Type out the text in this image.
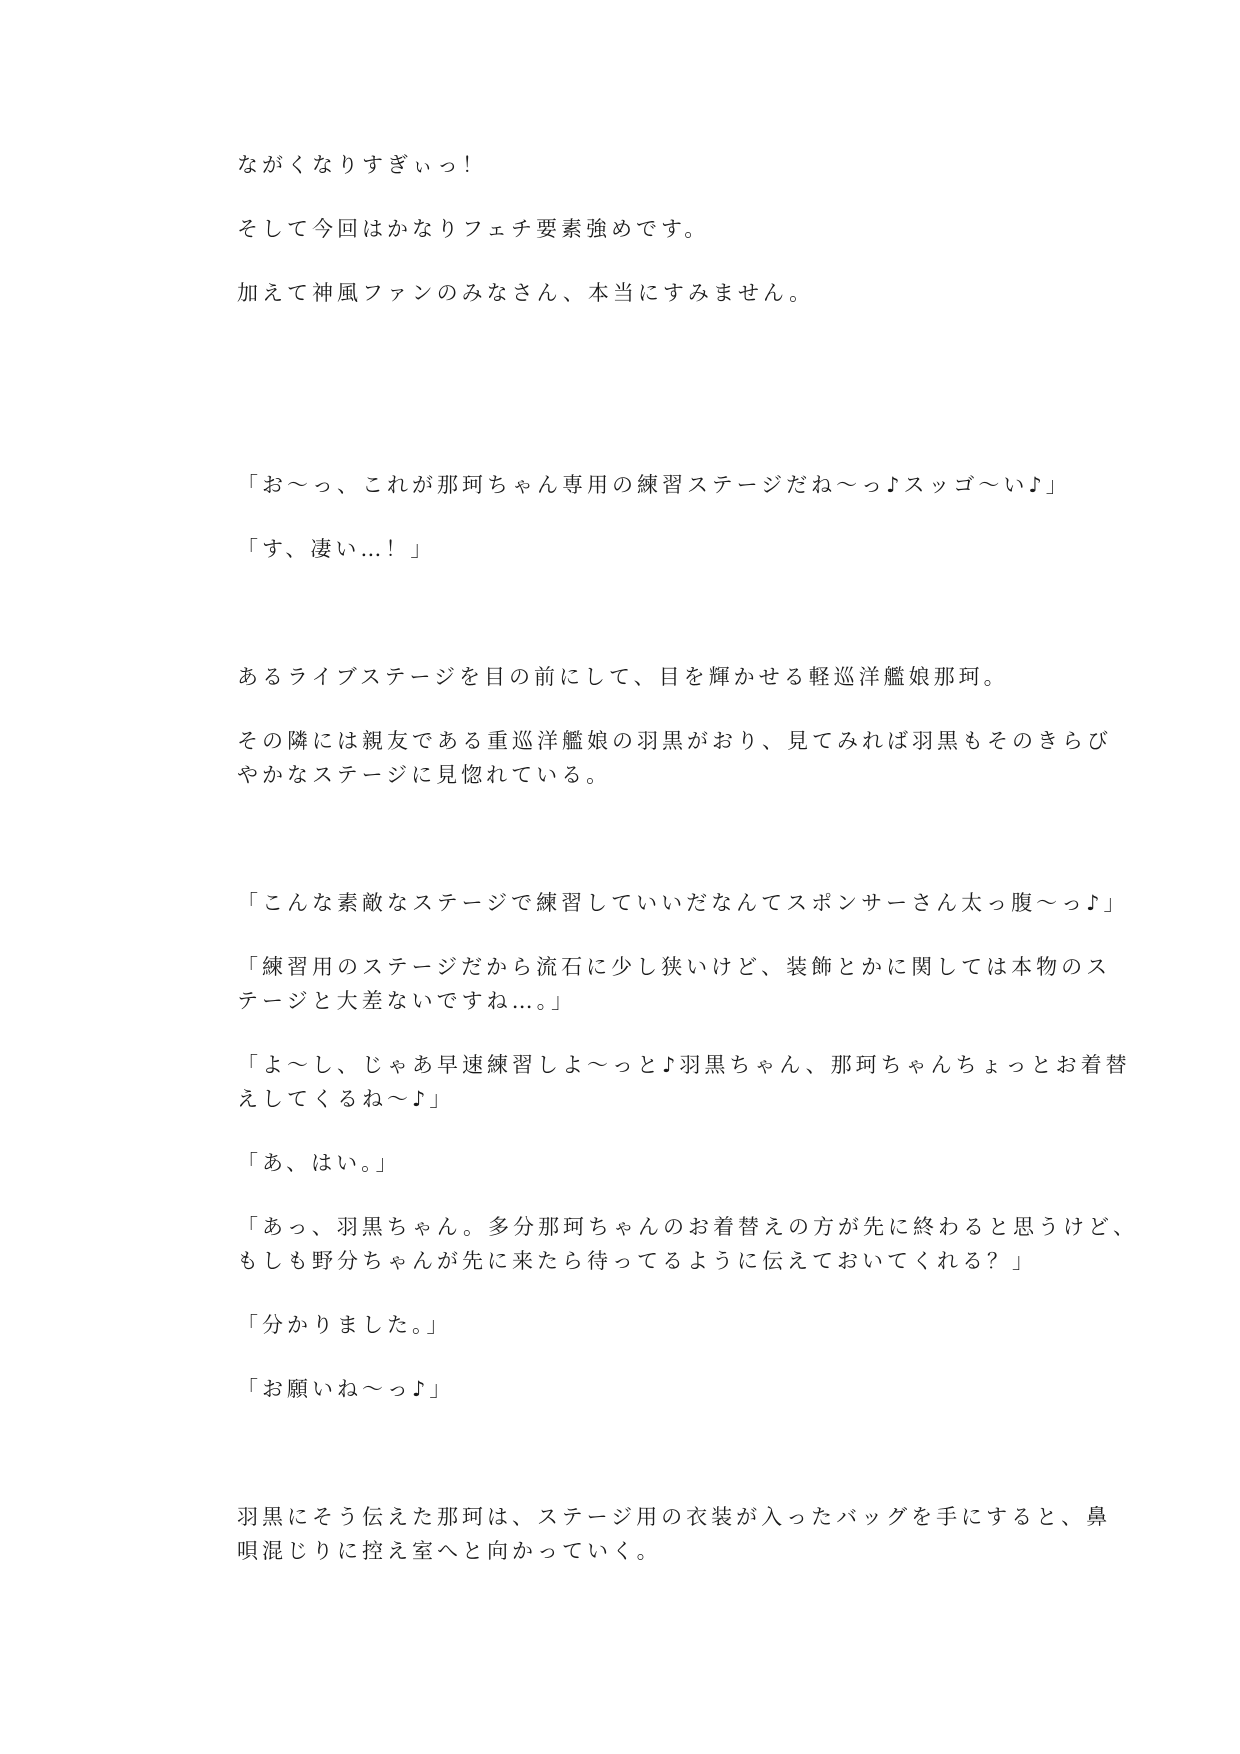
ながくなりすぎぃっ！

そして今回はかなりフェチ要素強めです。

加えて神風ファンのみなさん、本当にすみません。

「お～っ、これが那珂ちゃん専用の練習ステージだね～っ♪スッゴ～い♪」

「す、凄い…！」

あるライブステージを目の前にして、目を輝かせる軽巡洋艦娘那珂。

その隣には親友である重巡洋艦娘の羽黒がおり、見てみれば羽黒もそのきらび

やかなステージに見惚れている。

「こんな素敵なステージで練習していいだなんてスポンサーさん太っ腹～っ♪」

「練習用のステージだから流石に少し狭いけど、装飾とかに関しては本物のス

テージと大差ないですね…。」

「よ～し、じゃあ早速練習しよ～っと♪羽黒ちゃん、那珂ちゃんちょっとお着替

えしてくるね～♪」

「あ、はい。」

「あっ、羽黒ちゃん。多分那珂ちゃんのお着替えの方が先に終わると思うけど、

もしも野分ちゃんが先に来たら待ってるように伝えておいてくれる？」

「分かりました。」

「お願いね～っ♪」

羽黒にそう伝えた那珂は、ステージ用の衣装が入ったバッグを手にすると、鼻

唄混じりに控え室へと向かっていく。
